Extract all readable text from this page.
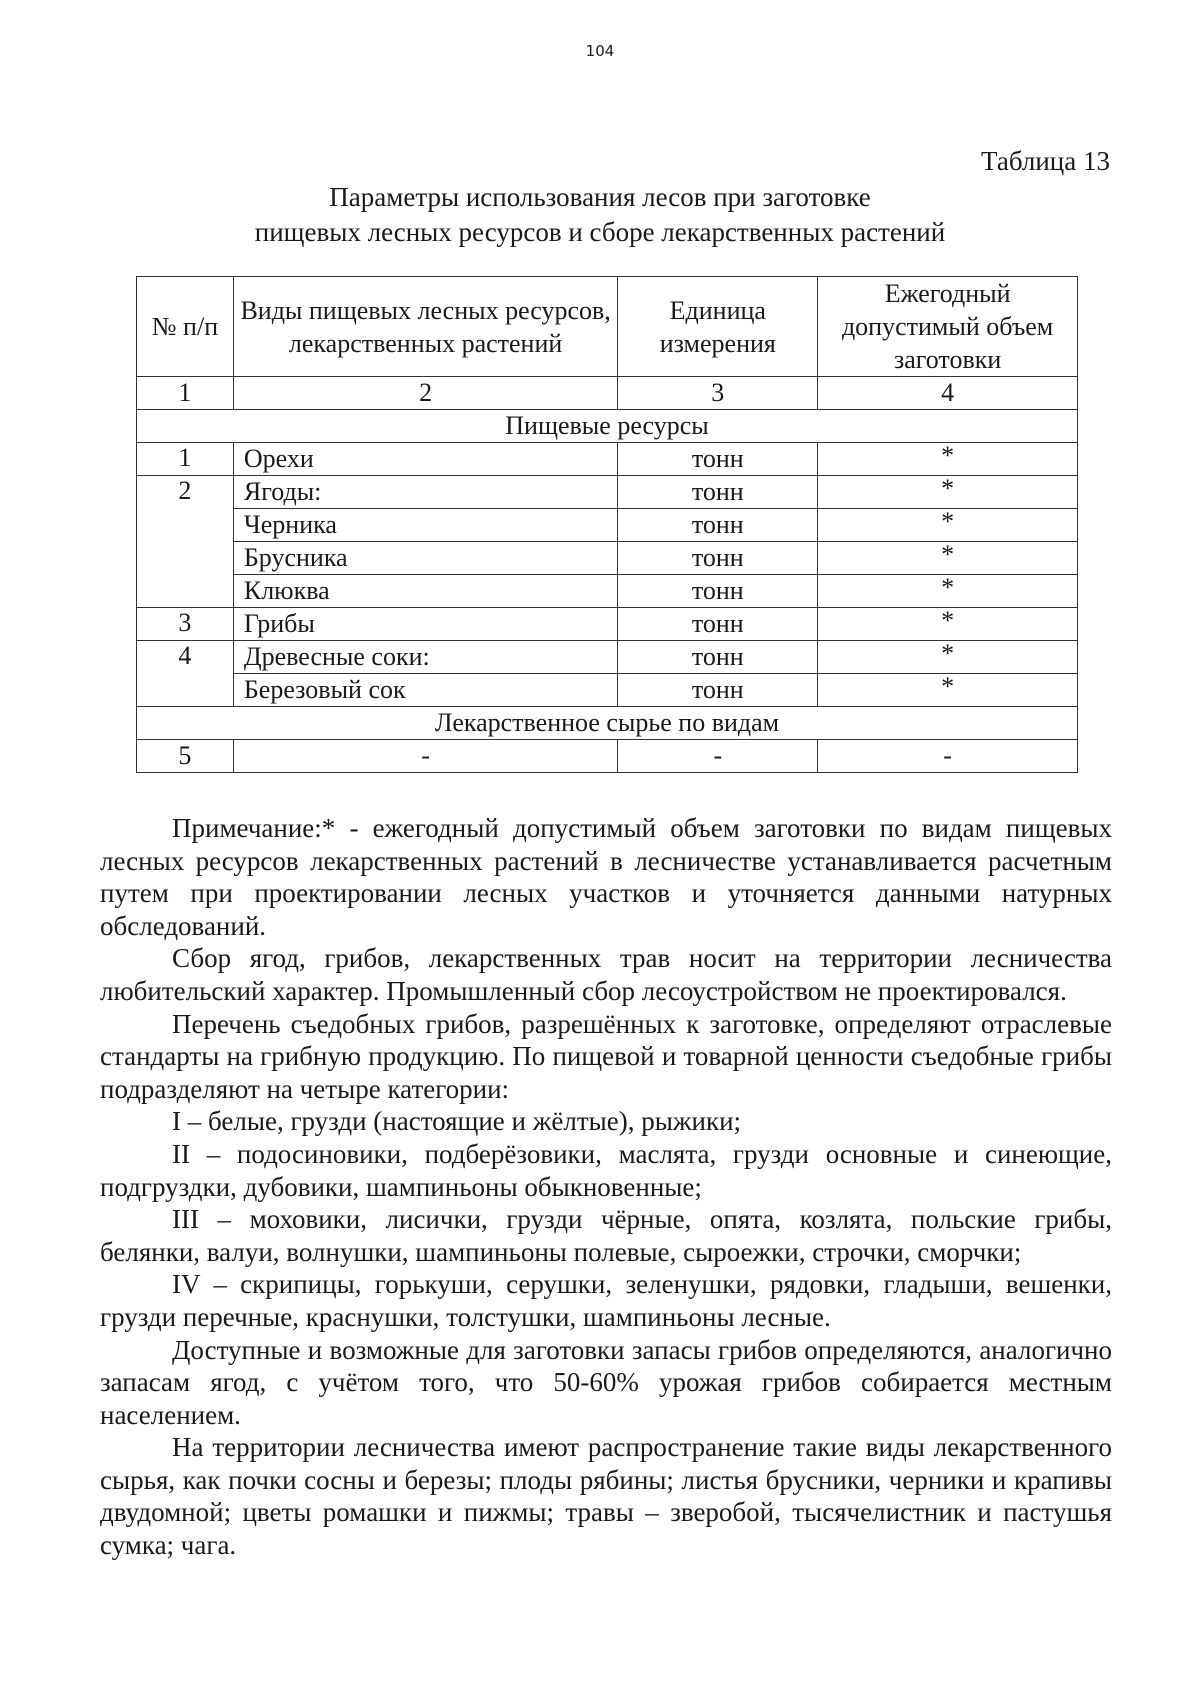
104
Таблица 13
Параметры использования лесов при заготовке
пищевых лесных ресурсов и сборе лекарственных растений
№ п/п	Виды пищевых лесных ресурсов, лекарственных растений	Единица измерения	Ежегодный допустимый объем заготовки
1	2	3	4
Пищевые ресурсы			
1	Орехи	тонн	*
2	Ягоды:	тонн	*
	Черника	тонн	*
	Брусника	тонн	*
	Клюква	тонн	*
3	Грибы	тонн	*
4	Древесные соки:	тонн	*
	Березовый сок	тонн	*
Лекарственное сырье по видам			
5	-	-	-

Примечание:* - ежегодный допустимый объем заготовки по видам пищевых лесных ресурсов лекарственных растений в лесничестве устанавливается расчетным путем при проектировании лесных участков и уточняется данными натурных обследований.

Сбор ягод, грибов, лекарственных трав носит на территории лесничества любительский характер. Промышленный сбор лесоустройством не проектировался.

Перечень съедобных грибов, разрешённых к заготовке, определяют отраслевые стандарты на грибную продукцию. По пищевой и товарной ценности съедобные грибы подразделяют на четыре категории:

I – белые, грузди (настоящие и жёлтые), рыжики;

II – подосиновики, подберёзовики, маслята, грузди основные и синеющие, подгруздки, дубовики, шампиньоны обыкновенные;

III – моховики, лисички, грузди чёрные, опята, козлята, польские грибы, белянки, валуи, волнушки, шампиньоны полевые, сыроежки, строчки, сморчки;

IV – скрипицы, горькуши, серушки, зеленушки, рядовки, гладыши, вешенки, грузди перечные, краснушки, толстушки, шампиньоны лесные.

Доступные и возможные для заготовки запасы грибов определяются, аналогично запасам ягод, с учётом того, что 50-60% урожая грибов собирается местным населением.

На территории лесничества имеют распространение такие виды лекарственного сырья, как почки сосны и березы; плоды рябины; листья брусники, черники и крапивы двудомной; цветы ромашки и пижмы; травы – зверобой, тысячелистник и пастушья сумка; чага.
